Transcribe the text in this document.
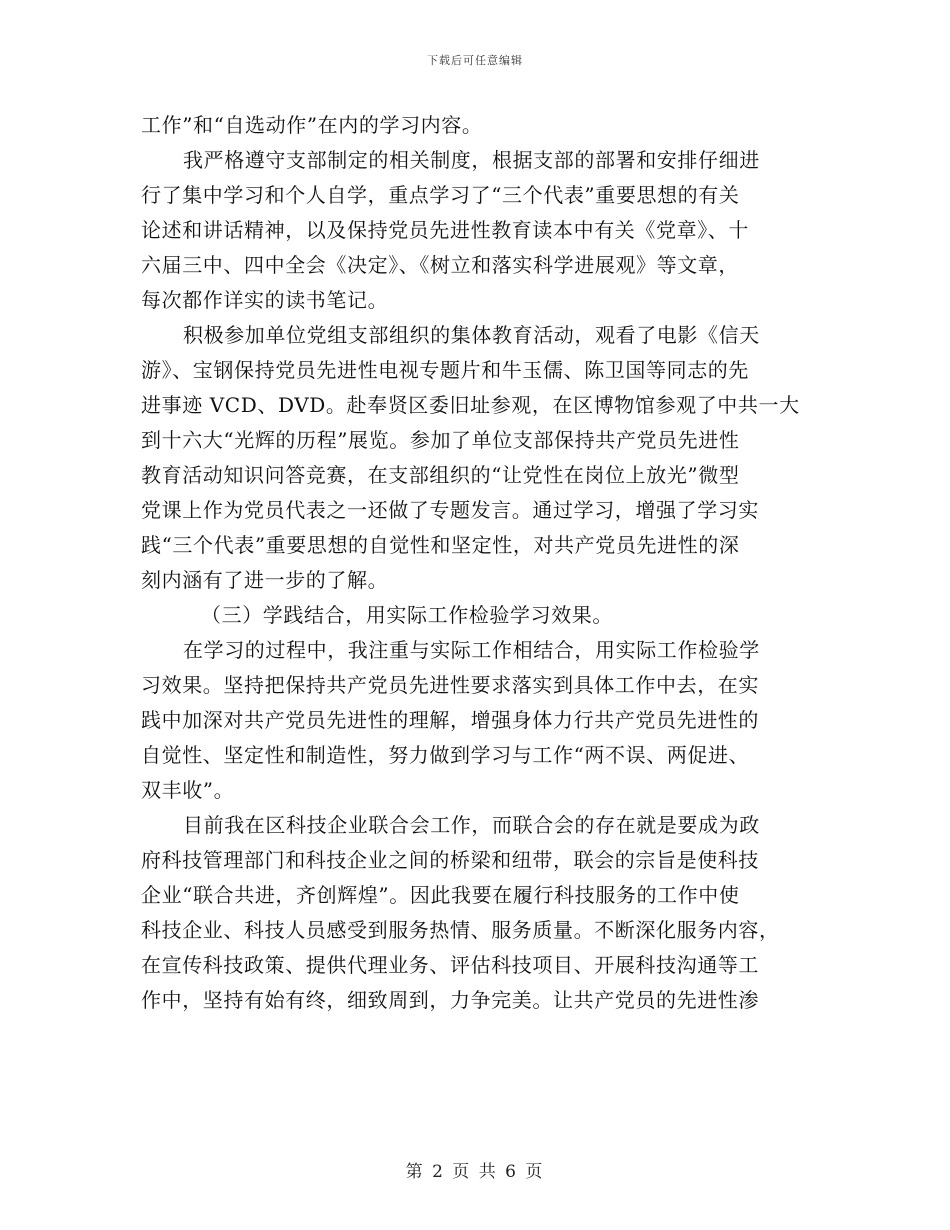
下载后可任意编辑
工作”和“自选动作”在内的学习内容。
我严格遵守支部制定的相关制度，根据支部的部署和安排仔细进
行了集中学习和个人自学，重点学习了“三个代表”重要思想的有关
论述和讲话精神，以及保持党员先进性教育读本中有关《党章》、十
六届三中、四中全会《决定》、《树立和落实科学进展观》等文章，
每次都作详实的读书笔记。
积极参加单位党组支部组织的集体教育活动，观看了电影《信天
游》、宝钢保持党员先进性电视专题片和牛玉儒、陈卫国等同志的先
进事迹 VCD、DVD。赴奉贤区委旧址参观，在区博物馆参观了中共一大
到十六大“光辉的历程”展览。参加了单位支部保持共产党员先进性
教育活动知识问答竞赛，在支部组织的“让党性在岗位上放光”微型
党课上作为党员代表之一还做了专题发言。通过学习，增强了学习实
践“三个代表”重要思想的自觉性和坚定性，对共产党员先进性的深
刻内涵有了进一步的了解。
（三）学践结合，用实际工作检验学习效果。
在学习的过程中，我注重与实际工作相结合，用实际工作检验学
习效果。坚持把保持共产党员先进性要求落实到具体工作中去，在实
践中加深对共产党员先进性的理解，增强身体力行共产党员先进性的
自觉性、坚定性和制造性，努力做到学习与工作“两不误、两促进、
双丰收”。
目前我在区科技企业联合会工作，而联合会的存在就是要成为政
府科技管理部门和科技企业之间的桥梁和纽带，联会的宗旨是使科技
企业“联合共进，齐创辉煌”。因此我要在履行科技服务的工作中使
科技企业、科技人员感受到服务热情、服务质量。不断深化服务内容，
在宣传科技政策、提供代理业务、评估科技项目、开展科技沟通等工
作中，坚持有始有终，细致周到，力争完美。让共产党员的先进性渗
第 2 页 共 6 页
